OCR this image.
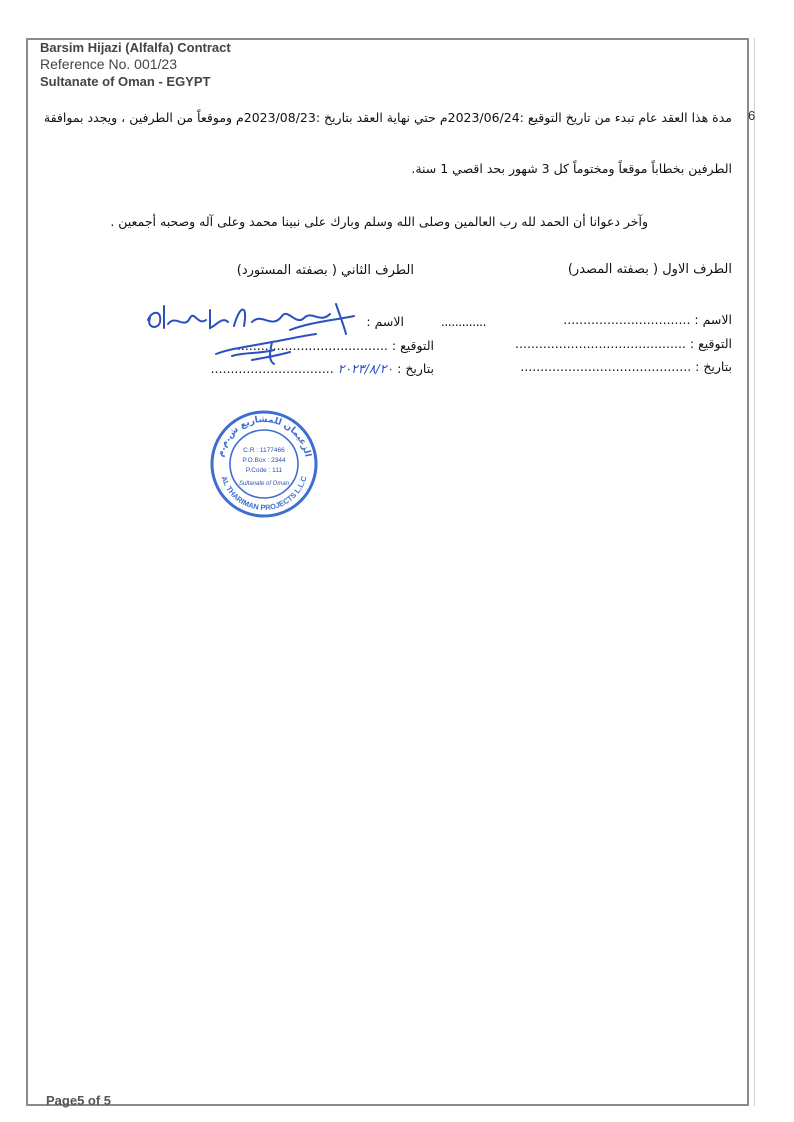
Barsim Hijazi (Alfalfa) Contract
Reference No. 001/23
Sultanate of Oman - EGYPT
6
مدة هذا العقد عام تبدء من تاريخ التوقيع :2023/06/24م حتي نهاية العقد بتاريخ :2023/08/23م وموقعاً من الطرفين ، ويجدد بموافقة
الطرفين بخطاباً موقعاً ومختوماً كل 3 شهور بحد اقصي 1 سنة.
وآخر دعوانا أن الحمد لله رب العالمين وصلى الله وسلم وبارك على نبينا محمد وعلى آله وصحبه أجمعين .
الطرف الاول ( بصفته المصدر)
الطرف الثاني ( بصفته المستورد)
الاسم : ................................
التوقيع : ...........................................
بتاريخ : ...........................................
.............
الاسم :
التوقيع : ......................................
بتاريخ : ٢٠٢٣/٨/٢٠ ...............................
الزعيمان للمشاريع ش.م.م
AL THARIMAN PROJECTS L.L.C
C.R : 1177466
P.O.Box : 2344
P.Code : 111
Sultanate of Oman
Page5 of 5
